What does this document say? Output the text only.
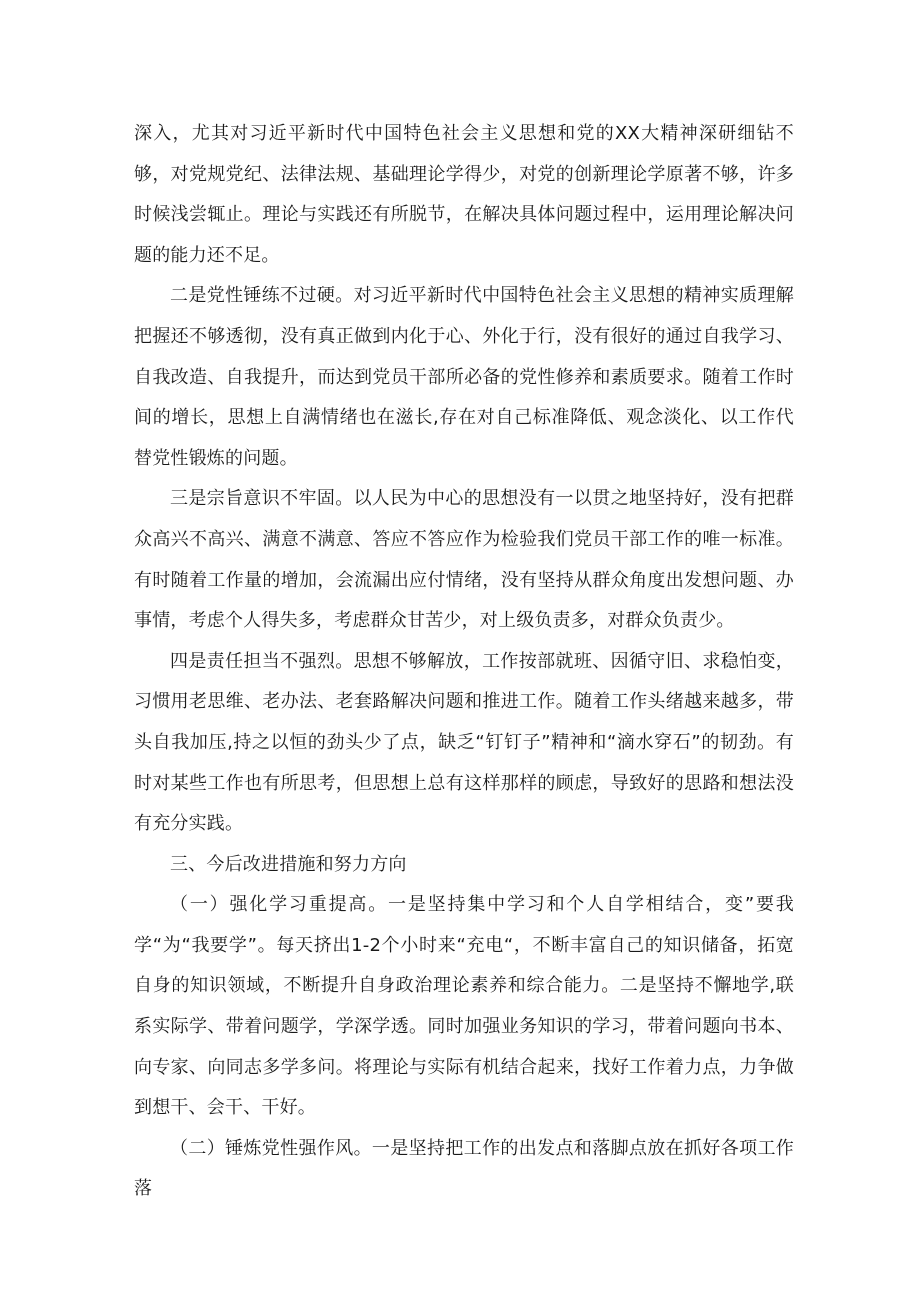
深入，尤其对习近平新时代中国特色社会主义思想和党的XX大精神深研细钻不够，对党规党纪、法律法规、基础理论学得少，对党的创新理论学原著不够，许多时候浅尝辄止。理论与实践还有所脱节，在解决具体问题过程中，运用理论解决问题的能力还不足。

二是党性锤练不过硬。对习近平新时代中国特色社会主义思想的精神实质理解把握还不够透彻，没有真正做到内化于心、外化于行，没有很好的通过自我学习、自我改造、自我提升，而达到党员干部所必备的党性修养和素质要求。随着工作时间的增长，思想上自满情绪也在滋长,存在对自己标准降低、观念淡化、以工作代替党性锻炼的问题。

三是宗旨意识不牢固。以人民为中心的思想没有一以贯之地坚持好，没有把群众高兴不高兴、满意不满意、答应不答应作为检验我们党员干部工作的唯一标准。有时随着工作量的增加，会流漏出应付情绪，没有坚持从群众角度出发想问题、办事情，考虑个人得失多，考虑群众甘苦少，对上级负责多，对群众负责少。

四是责任担当不强烈。思想不够解放，工作按部就班、因循守旧、求稳怕变，习惯用老思维、老办法、老套路解决问题和推进工作。随着工作头绪越来越多，带头自我加压,持之以恒的劲头少了点，缺乏“钉钉子”精神和“滴水穿石”的韧劲。有时对某些工作也有所思考，但思想上总有这样那样的顾虑，导致好的思路和想法没有充分实践。

三、今后改进措施和努力方向

（一）强化学习重提高。一是坚持集中学习和个人自学相结合，变”要我学“为“我要学”。每天挤出1-2个小时来“充电“，不断丰富自己的知识储备，拓宽自身的知识领域，不断提升自身政治理论素养和综合能力。二是坚持不懈地学,联系实际学、带着问题学，学深学透。同时加强业务知识的学习，带着问题向书本、向专家、向同志多学多问。将理论与实际有机结合起来，找好工作着力点，力争做到想干、会干、干好。

（二）锤炼党性强作风。一是坚持把工作的出发点和落脚点放在抓好各项工作落
